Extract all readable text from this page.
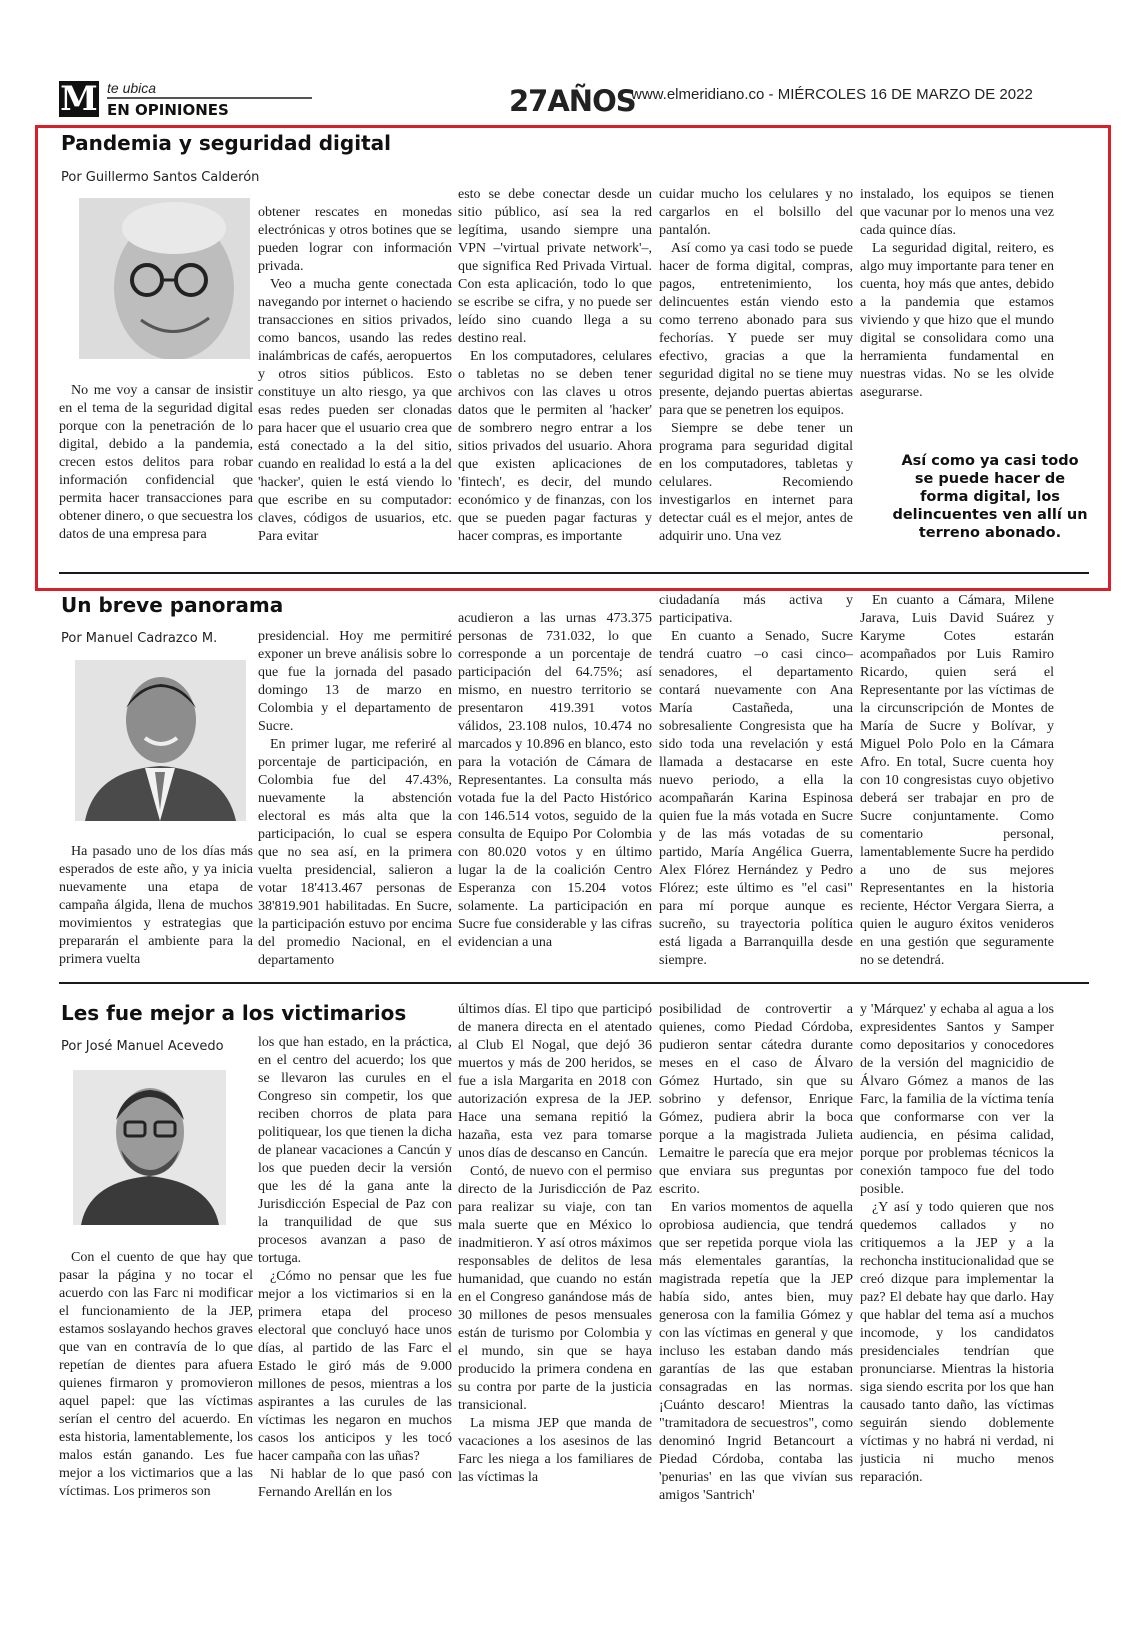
M te ubica
EN OPINIONES	27AÑOS
www.elmeridiano.co - MIÉRCOLES 16 DE MARZO DE 2022
Pandemia y seguridad digital
Por Guillermo Santos Calderón

No me voy a cansar de insistir en el tema de la seguridad digital porque con la penetración de lo digital, debido a la pandemia, crecen estos delitos para robar información confidencial que permita hacer transacciones para obtener dinero, o que secuestra los datos de una empresa para

obtener rescates en monedas electrónicas y otros botines que se pueden lograr con información privada.

Veo a mucha gente conectada navegando por internet o haciendo transacciones en sitios privados, como bancos, usando las redes inalámbricas de cafés, aeropuertos y otros sitios públicos. Esto constituye un alto riesgo, ya que esas redes pueden ser clonadas para hacer que el usuario crea que está conectado a la del sitio, cuando en realidad lo está a la del 'hacker', quien le está viendo lo que escribe en su computador: claves, códigos de usuarios, etc. Para evitar

esto se debe conectar desde un sitio público, así sea la red legítima, usando siempre una VPN –'virtual private network'–, que significa Red Privada Virtual. Con esta aplicación, todo lo que se escribe se cifra, y no puede ser leído sino cuando llega a su destino real.

En los computadores, celulares o tabletas no se deben tener archivos con las claves u otros datos que le permiten al 'hacker' de sombrero negro entrar a los sitios privados del usuario. Ahora que existen aplicaciones de 'fintech', es decir, del mundo económico y de finanzas, con los que se pueden pagar facturas y hacer compras, es importante

cuidar mucho los celulares y no cargarlos en el bolsillo del pantalón.

Así como ya casi todo se puede hacer de forma digital, compras, pagos, entretenimiento, los delincuentes están viendo esto como terreno abonado para sus fechorías. Y puede ser muy efectivo, gracias a que la seguridad digital no se tiene muy presente, dejando puertas abiertas para que se penetren los equipos.

Siempre se debe tener un programa para seguridad digital en los computadores, tabletas y celulares. Recomiendo investigarlos en internet para detectar cuál es el mejor, antes de adquirir uno. Una vez

instalado, los equipos se tienen que vacunar por lo menos una vez cada quince días.

La seguridad digital, reitero, es algo muy importante para tener en cuenta, hoy más que antes, debido a la pandemia que estamos viviendo y que hizo que el mundo digital se consolidara como una herramienta fundamental en nuestras vidas. No se les olvide asegurarse.

Así como ya casi todo se puede hacer de forma digital, los delincuentes ven allí un terreno abonado.
Un breve panorama
Por Manuel Cadrazco M.

Ha pasado uno de los días más esperados de este año, y ya inicia nuevamente una etapa de campaña álgida, llena de muchos movimientos y estrategias que prepararán el ambiente para la primera vuelta

presidencial. Hoy me permitiré exponer un breve análisis sobre lo que fue la jornada del pasado domingo 13 de marzo en Colombia y el departamento de Sucre.

En primer lugar, me referiré al porcentaje de participación, en Colombia fue del 47.43%, nuevamente la abstención electoral es más alta que la participación, lo cual se espera que no sea así, en la primera vuelta presidencial, salieron a votar 18'413.467 personas de 38'819.901 habilitadas. En Sucre, la participación estuvo por encima del promedio Nacional, en el departamento

acudieron a las urnas 473.375 personas de 731.032, lo que corresponde a un porcentaje de participación del 64.75%; así mismo, en nuestro territorio se presentaron 419.391 votos válidos, 23.108 nulos, 10.474 no marcados y 10.896 en blanco, esto para la votación de Cámara de Representantes. La consulta más votada fue la del Pacto Histórico con 146.514 votos, seguido de la consulta de Equipo Por Colombia con 80.020 votos y en último lugar la de la coalición Centro Esperanza con 15.204 votos solamente. La participación en Sucre fue considerable y las cifras evidencian a una

ciudadanía más activa y participativa.

En cuanto a Senado, Sucre tendrá cuatro –o casi cinco– senadores, el departamento contará nuevamente con Ana María Castañeda, una sobresaliente Congresista que ha sido toda una revelación y está llamada a destacarse en este nuevo periodo, a ella la acompañarán Karina Espinosa quien fue la más votada en Sucre y de las más votadas de su partido, María Angélica Guerra, Alex Flórez Hernández y Pedro Flórez; este último es "el casi" para mí porque aunque es sucreño, su trayectoria política está ligada a Barranquilla desde siempre.

En cuanto a Cámara, Milene Jarava, Luis David Suárez y Karyme Cotes estarán acompañados por Luis Ramiro Ricardo, quien será el Representante por las víctimas de la circunscripción de Montes de María de Sucre y Bolívar, y Miguel Polo Polo en la Cámara Afro. En total, Sucre cuenta hoy con 10 congresistas cuyo objetivo deberá ser trabajar en pro de Sucre conjuntamente. Como comentario personal, lamentablemente Sucre ha perdido a uno de sus mejores Representantes en la historia reciente, Héctor Vergara Sierra, a quien le auguro éxitos venideros en una gestión que seguramente no se detendrá.

Les fue mejor a los victimarios
Por José Manuel Acevedo

Con el cuento de que hay que pasar la página y no tocar el acuerdo con las Farc ni modificar el funcionamiento de la JEP, estamos soslayando hechos graves que van en contravía de lo que repetían de dientes para afuera quienes firmaron y promovieron aquel papel: que las víctimas serían el centro del acuerdo. En esta historia, lamentablemente, los malos están ganando. Les fue mejor a los victimarios que a las víctimas. Los primeros son

los que han estado, en la práctica, en el centro del acuerdo; los que se llevaron las curules en el Congreso sin competir, los que reciben chorros de plata para politiquear, los que tienen la dicha de planear vacaciones a Cancún y los que pueden decir la versión que les dé la gana ante la Jurisdicción Especial de Paz con la tranquilidad de que sus procesos avanzan a paso de tortuga.

¿Cómo no pensar que les fue mejor a los victimarios si en la primera etapa del proceso electoral que concluyó hace unos días, al partido de las Farc el Estado le giró más de 9.000 millones de pesos, mientras a los aspirantes a las curules de las víctimas les negaron en muchos casos los anticipos y les tocó hacer campaña con las uñas?

Ni hablar de lo que pasó con Fernando Arellán en los

últimos días. El tipo que participó de manera directa en el atentado al Club El Nogal, que dejó 36 muertos y más de 200 heridos, se fue a isla Margarita en 2018 con autorización expresa de la JEP. Hace una semana repitió la hazaña, esta vez para tomarse unos días de descanso en Cancún.

Contó, de nuevo con el permiso directo de la Jurisdicción de Paz para realizar su viaje, con tan mala suerte que en México lo inadmitieron. Y así otros máximos responsables de delitos de lesa humanidad, que cuando no están en el Congreso ganándose más de 30 millones de pesos mensuales están de turismo por Colombia y el mundo, sin que se haya producido la primera condena en su contra por parte de la justicia transicional.

La misma JEP que manda de vacaciones a los asesinos de las Farc les niega a los familiares de las víctimas la

posibilidad de controvertir a quienes, como Piedad Córdoba, pudieron sentar cátedra durante meses en el caso de Álvaro Gómez Hurtado, sin que su sobrino y defensor, Enrique Gómez, pudiera abrir la boca porque a la magistrada Julieta Lemaitre le parecía que era mejor que enviara sus preguntas por escrito.

En varios momentos de aquella oprobiosa audiencia, que tendrá que ser repetida porque viola las más elementales garantías, la magistrada repetía que la JEP había sido, antes bien, muy generosa con la familia Gómez y con las víctimas en general y que incluso les estaban dando más garantías de las que estaban consagradas en las normas. ¡Cuánto descaro! Mientras la "tramitadora de secuestros", como denominó Ingrid Betancourt a Piedad Córdoba, contaba las 'penurias' en las que vivían sus amigos 'Santrich'

y 'Márquez' y echaba al agua a los expresidentes Santos y Samper como depositarios y conocedores de la versión del magnicidio de Álvaro Gómez a manos de las Farc, la familia de la víctima tenía que conformarse con ver la audiencia, en pésima calidad, porque por problemas técnicos la conexión tampoco fue del todo posible.

¿Y así y todo quieren que nos quedemos callados y no critiquemos a la JEP y a la rechoncha institucionalidad que se creó dizque para implementar la paz? El debate hay que darlo. Hay que hablar del tema así a muchos incomode, y los candidatos presidenciales tendrían que pronunciarse. Mientras la historia siga siendo escrita por los que han causado tanto daño, las víctimas seguirán siendo doblemente víctimas y no habrá ni verdad, ni justicia ni mucho menos reparación.
